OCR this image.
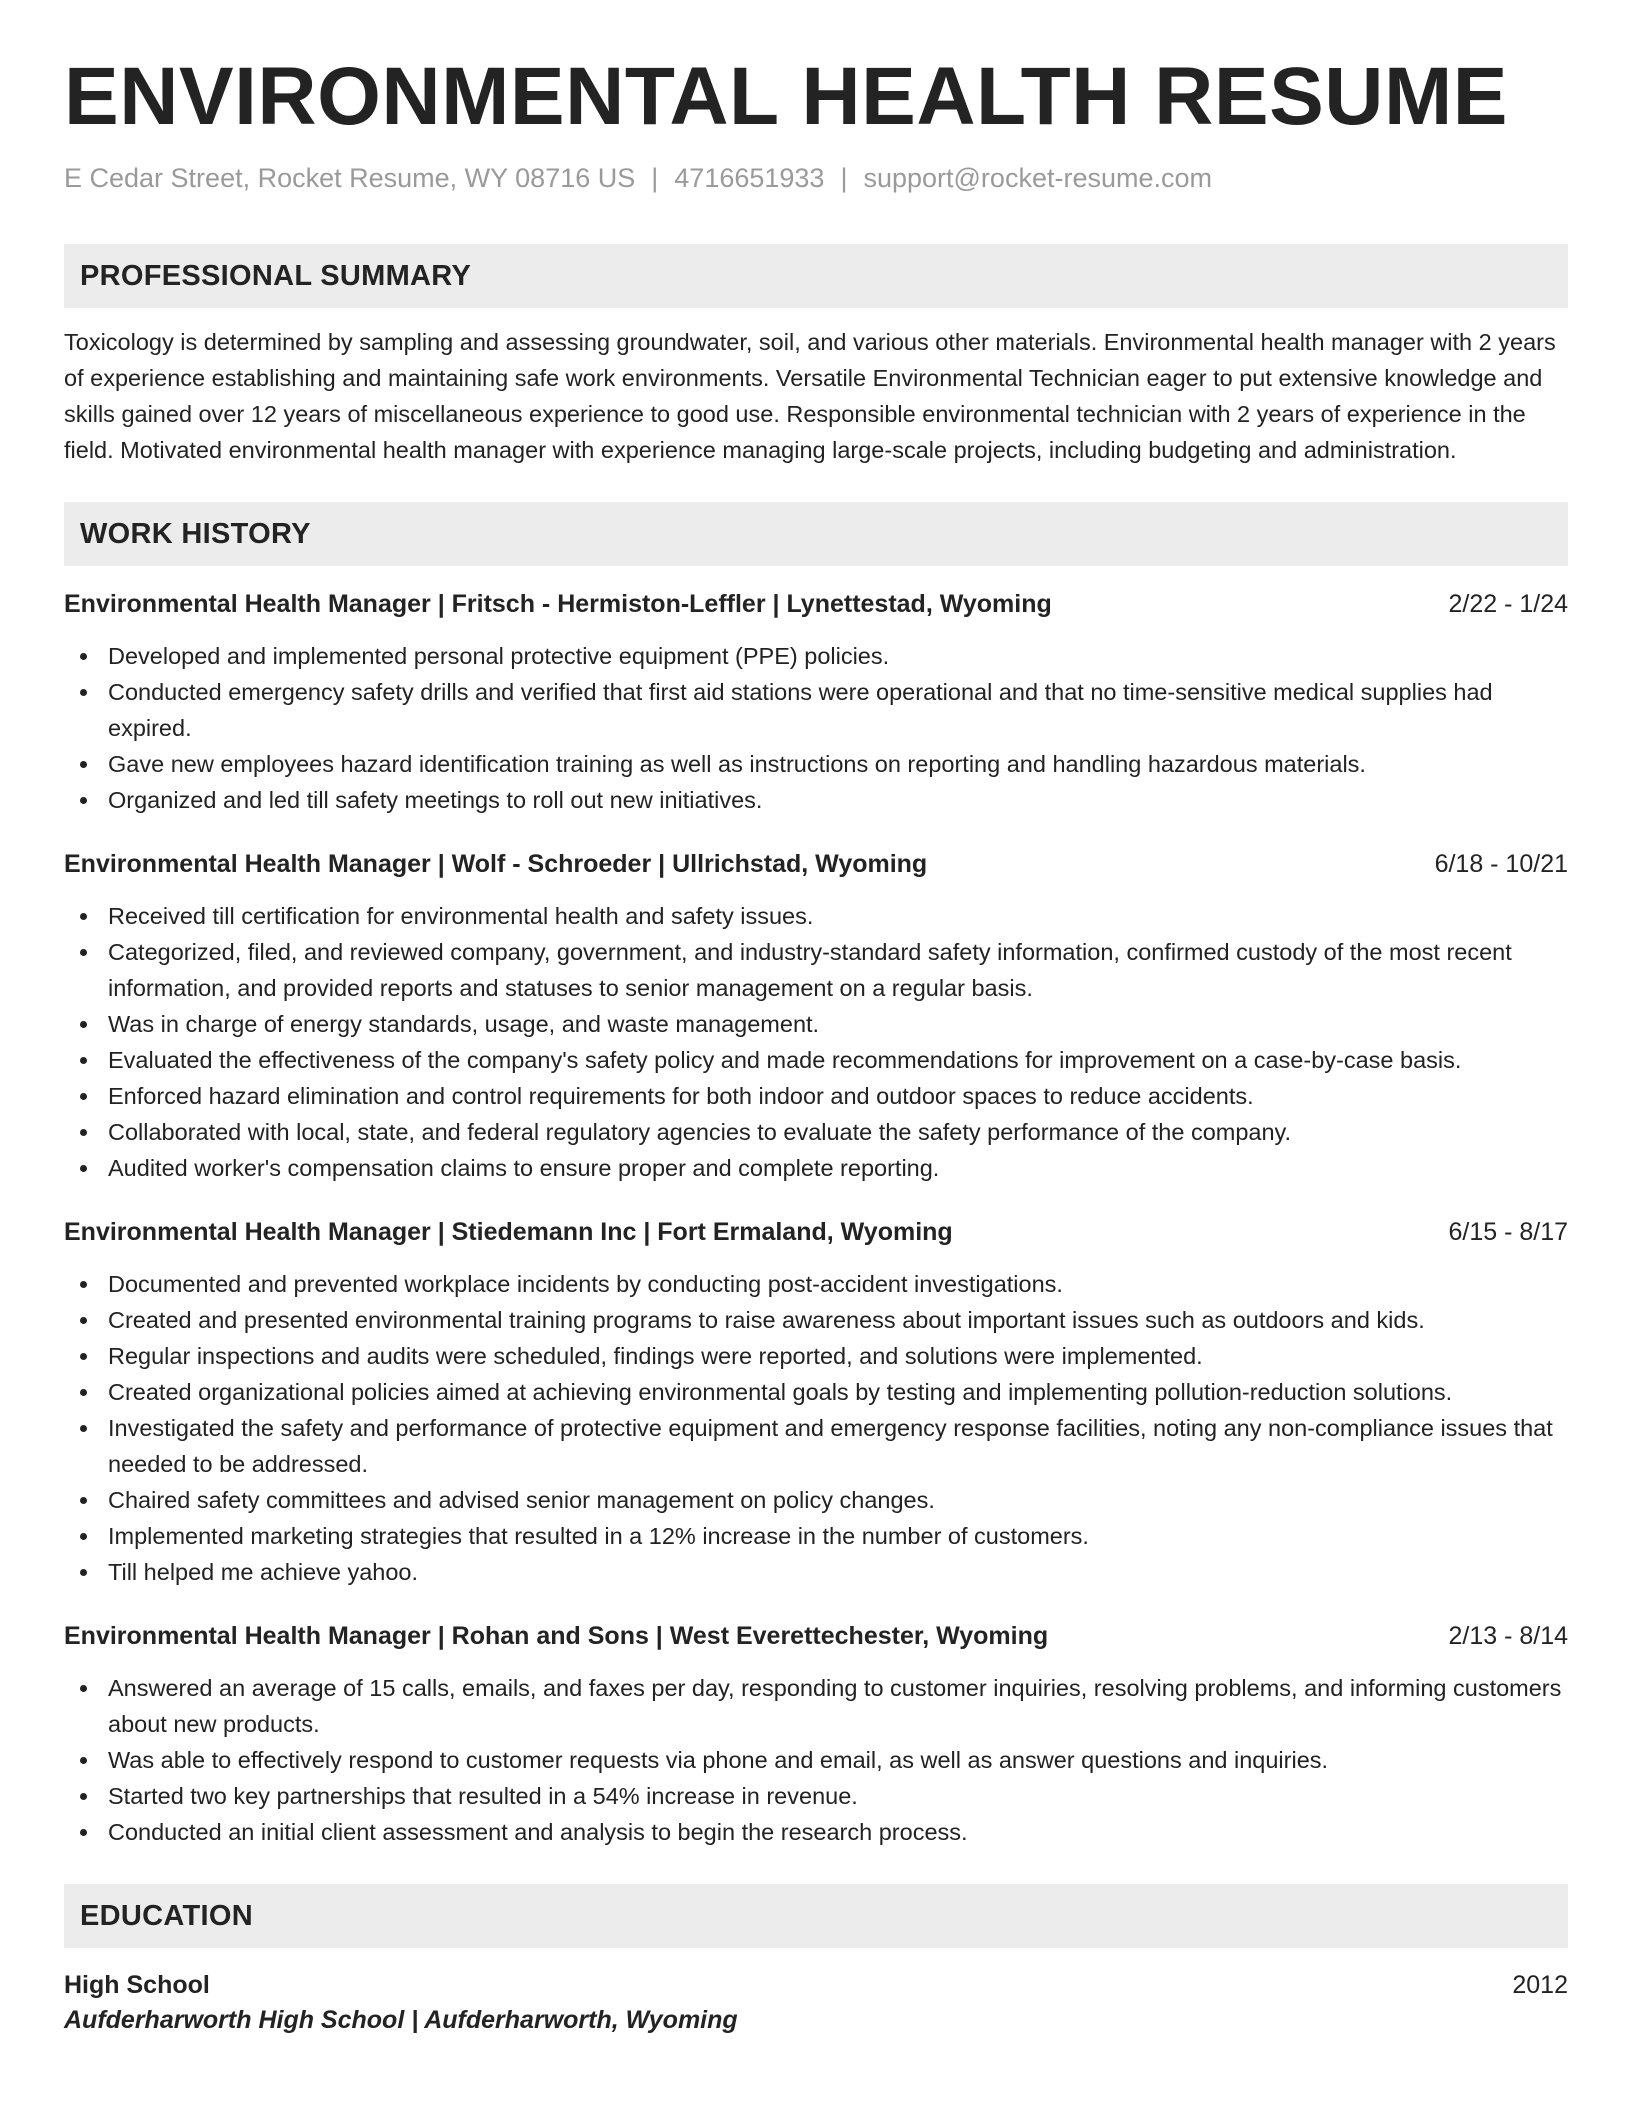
ENVIRONMENTAL HEALTH RESUME
E Cedar Street, Rocket Resume, WY 08716 US | 4716651933 | support@rocket-resume.com
PROFESSIONAL SUMMARY

Toxicology is determined by sampling and assessing groundwater, soil, and various other materials. Environmental health manager with 2 years of experience establishing and maintaining safe work environments. Versatile Environmental Technician eager to put extensive knowledge and skills gained over 12 years of miscellaneous experience to good use. Responsible environmental technician with 2 years of experience in the field. Motivated environmental health manager with experience managing large-scale projects, including budgeting and administration.

WORK HISTORY
Environmental Health Manager | Fritsch - Hermiston-Leffler | Lynettestad, Wyoming	2/22 - 1/24
Developed and implemented personal protective equipment (PPE) policies.
Conducted emergency safety drills and verified that first aid stations were operational and that no time-sensitive medical supplies had expired.
Gave new employees hazard identification training as well as instructions on reporting and handling hazardous materials.
Organized and led till safety meetings to roll out new initiatives.
Environmental Health Manager | Wolf - Schroeder | Ullrichstad, Wyoming	6/18 - 10/21
Received till certification for environmental health and safety issues.
Categorized, filed, and reviewed company, government, and industry-standard safety information, confirmed custody of the most recent information, and provided reports and statuses to senior management on a regular basis.
Was in charge of energy standards, usage, and waste management.
Evaluated the effectiveness of the company's safety policy and made recommendations for improvement on a case-by-case basis.
Enforced hazard elimination and control requirements for both indoor and outdoor spaces to reduce accidents.
Collaborated with local, state, and federal regulatory agencies to evaluate the safety performance of the company.
Audited worker's compensation claims to ensure proper and complete reporting.
Environmental Health Manager | Stiedemann Inc | Fort Ermaland, Wyoming	6/15 - 8/17
Documented and prevented workplace incidents by conducting post-accident investigations.
Created and presented environmental training programs to raise awareness about important issues such as outdoors and kids.
Regular inspections and audits were scheduled, findings were reported, and solutions were implemented.
Created organizational policies aimed at achieving environmental goals by testing and implementing pollution-reduction solutions.
Investigated the safety and performance of protective equipment and emergency response facilities, noting any non-compliance issues that needed to be addressed.
Chaired safety committees and advised senior management on policy changes.
Implemented marketing strategies that resulted in a 12% increase in the number of customers.
Till helped me achieve yahoo.
Environmental Health Manager | Rohan and Sons | West Everettechester, Wyoming	2/13 - 8/14
Answered an average of 15 calls, emails, and faxes per day, responding to customer inquiries, resolving problems, and informing customers about new products.
Was able to effectively respond to customer requests via phone and email, as well as answer questions and inquiries.
Started two key partnerships that resulted in a 54% increase in revenue.
Conducted an initial client assessment and analysis to begin the research process.
EDUCATION
High School	2012
Aufderharworth High School | Aufderharworth, Wyoming
